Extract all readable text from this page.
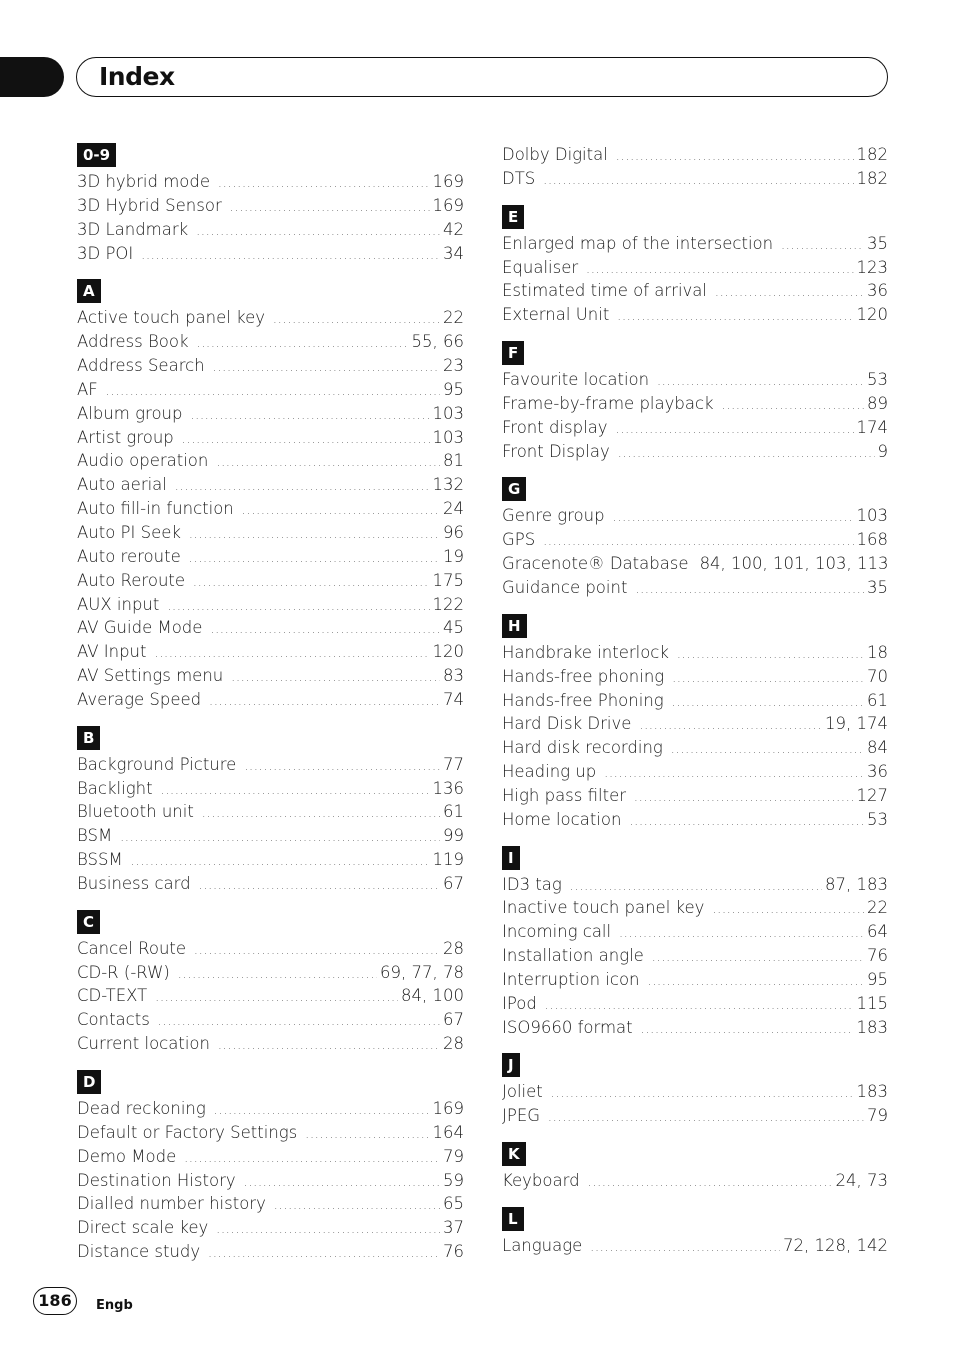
Index
0-9
3D hybrid mode .....	169
3D Hybrid Sensor .....	169
3D Landmark .....	42
3D POI .....	34
A
Active touch panel key .....	22
Address Book .....	55, 66
Address Search .....	23
AF .....	95
Album group .....	103
Artist group .....	103
Audio operation .....	81
Auto aerial .....	132
Auto fill-in function .....	24
Auto PI Seek .....	96
Auto reroute .....	19
Auto Reroute .....	175
AUX input .....	122
AV Guide Mode .....	45
AV Input .....	120
AV Settings menu .....	83
Average Speed .....	74
B
Background Picture .....	77
Backlight .....	136
Bluetooth unit .....	61
BSM .....	99
BSSM .....	119
Business card .....	67
C
Cancel Route .....	28
CD-R (-RW) .....	69, 77, 78
CD-TEXT .....	84, 100
Contacts .....	67
Current location .....	28
D
Dead reckoning .....	169
Default or Factory Settings .....	164
Demo Mode .....	79
Destination History .....	59
Dialled number history .....	65
Direct scale key .....	37
Distance study .....	76
Dolby Digital .....	182
DTS .....	182
E
Enlarged map of the intersection .....	35
Equaliser .....	123
Estimated time of arrival .....	36
External Unit .....	120
F
Favourite location .....	53
Frame-by-frame playback .....	89
Front display .....	174
Front Display .....	9
G
Genre group .....	103
GPS .....	168
Gracenote® Database 84, 100, 101, 103, 113
Guidance point .....	35
H
Handbrake interlock .....	18
Hands-free phoning .....	70
Hands-free Phoning .....	61
Hard Disk Drive .....	19, 174
Hard disk recording .....	84
Heading up .....	36
High pass filter .....	127
Home location .....	53
I
ID3 tag .....	87, 183
Inactive touch panel key .....	22
Incoming call .....	64
Installation angle .....	76
Interruption icon .....	95
IPod .....	115
ISO9660 format .....	183
J
Joliet .....	183
JPEG .....	79
K
Keyboard .....	24, 73
L
Language .....	72, 128, 142
186	Engb
